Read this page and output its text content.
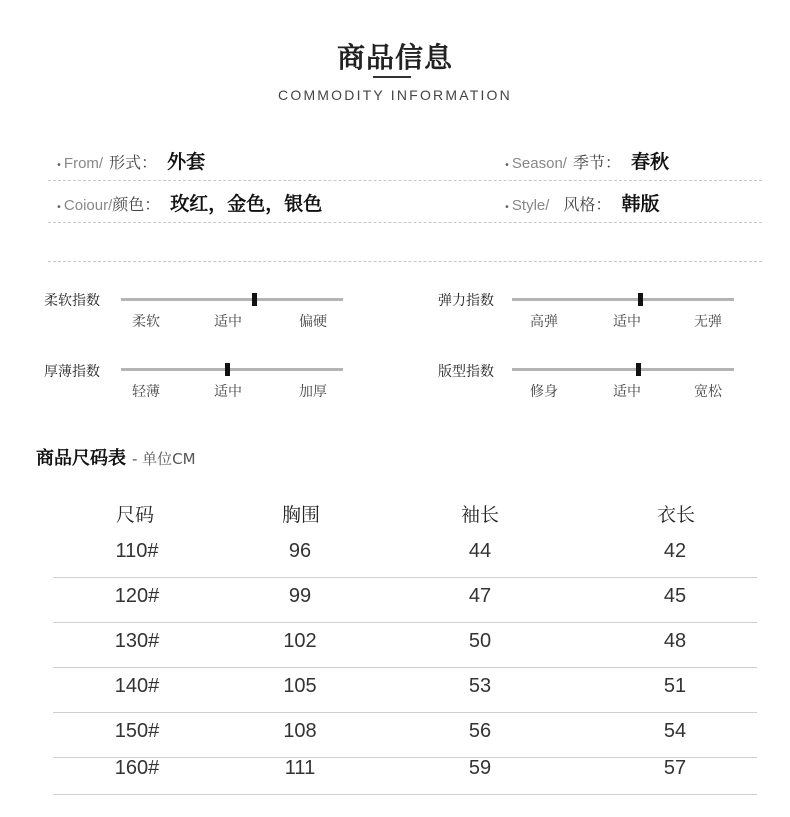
商品信息
COMMODITY INFORMATION
• From/ 形式： 外套	• Season/ 季节： 春秋
• Coiour/颜色： 玫红，金色，银色	• Style/ 风格： 韩版
柔软指数
柔软	适中	偏硬
弹力指数
高弹	适中	无弹
厚薄指数
轻薄	适中	加厚
版型指数
修身	适中	宽松
商品尺码表 - 单位CM
尺码	胸围	袖长	衣长
110#	96	44	42
120#	99	47	45
130#	102	50	48
140#	105	53	51
150#	108	56	54
160#	111	59	57
